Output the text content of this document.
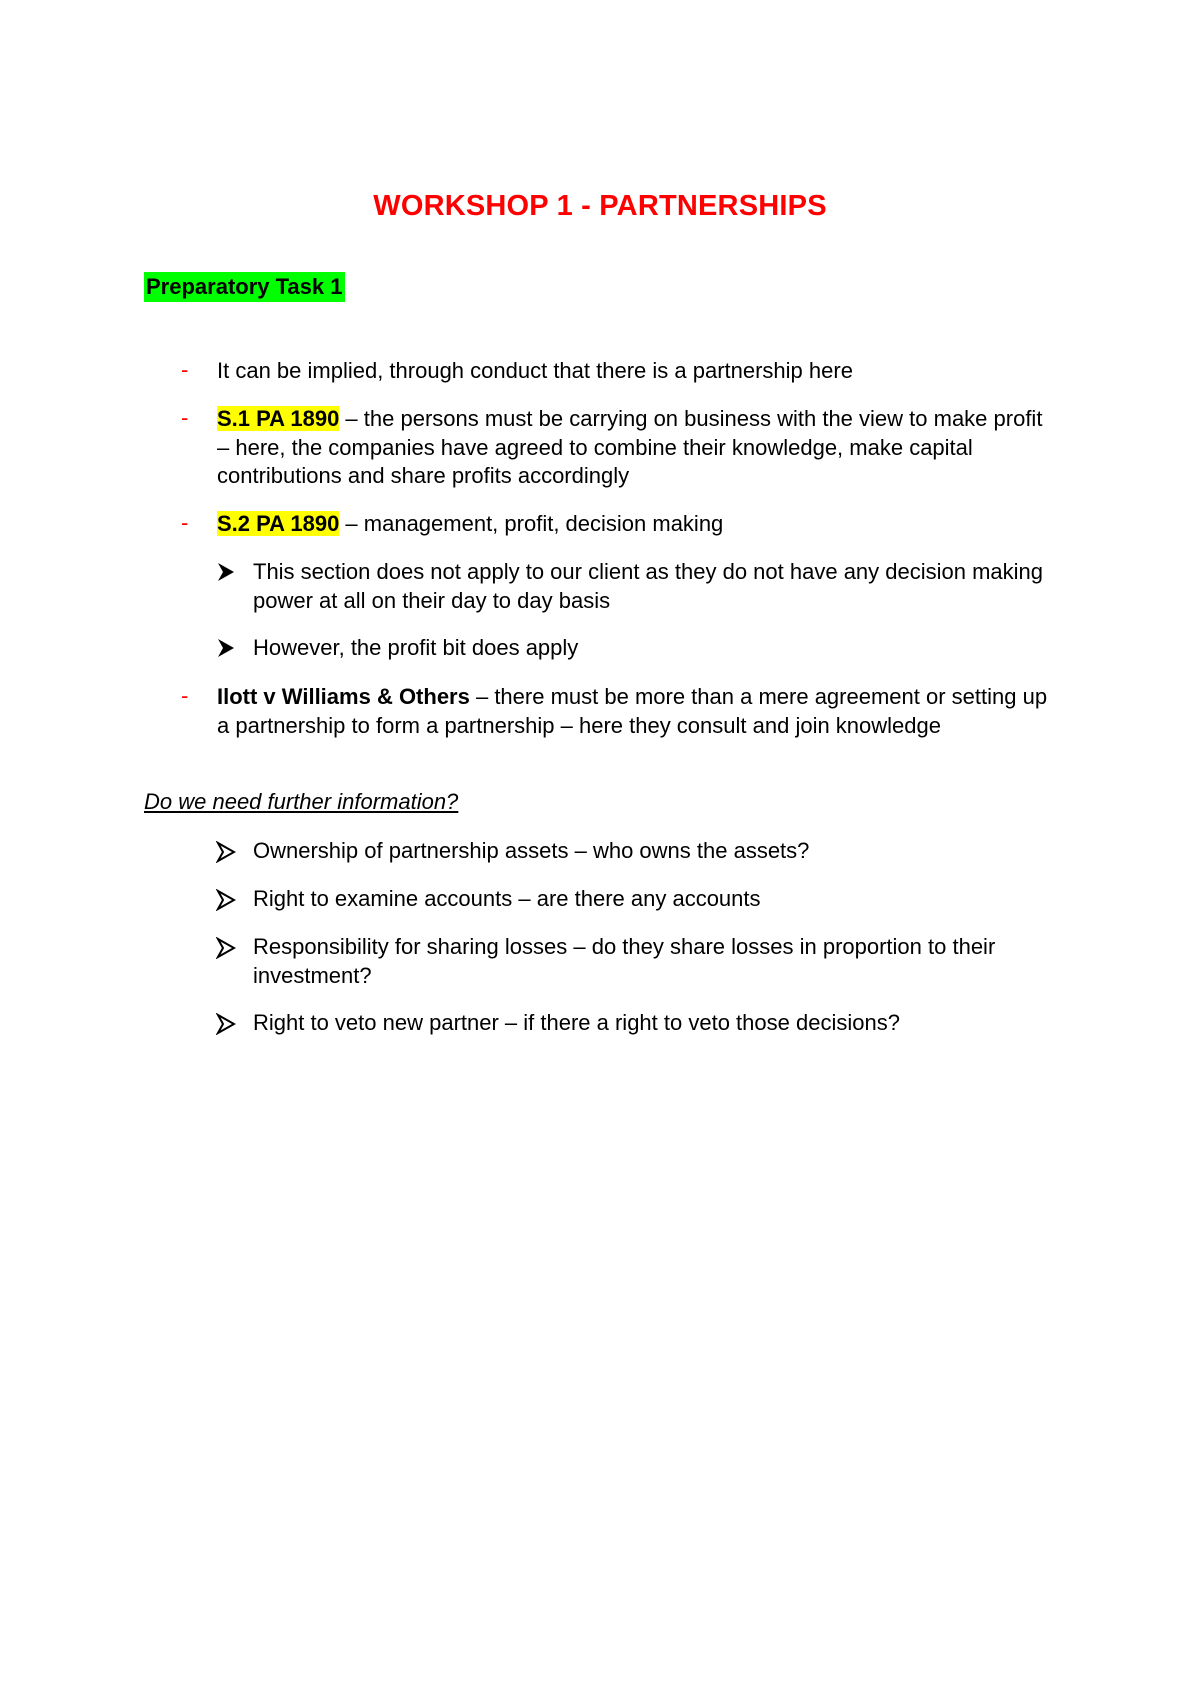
WORKSHOP 1 - PARTNERSHIPS
Preparatory Task 1
- It can be implied, through conduct that there is a partnership here
- S.1 PA 1890 – the persons must be carrying on business with the view to make profit – here, the companies have agreed to combine their knowledge, make capital contributions and share profits accordingly
- S.2 PA 1890 – management, profit, decision making
This section does not apply to our client as they do not have any decision making power at all on their day to day basis
However, the profit bit does apply
- Ilott v Williams & Others – there must be more than a mere agreement or setting up a partnership to form a partnership – here they consult and join knowledge
Do we need further information?
Ownership of partnership assets – who owns the assets?
Right to examine accounts – are there any accounts
Responsibility for sharing losses – do they share losses in proportion to their investment?
Right to veto new partner – if there a right to veto those decisions?
